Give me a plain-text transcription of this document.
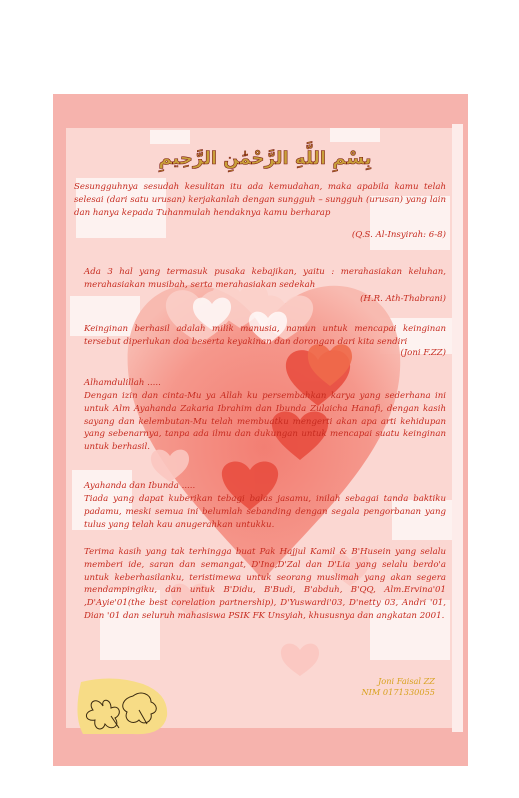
بِسْمِ اللَّهِ الرَّحْمَٰنِ الرَّحِيمِ

Sesungguhnya sesudah kesulitan itu ada kemudahan, maka apabila kamu telah selesai (dari satu urusan) kerjakanlah dengan sungguh – sungguh (urusan) yang lain dan hanya kepada Tuhanmulah hendaknya kamu berharap

(Q.S. Al-Insyirah: 6-8)

Ada 3 hal yang termasuk pusaka kebajikan, yaitu : merahasiakan keluhan, merahasiakan musibah, serta merahasiakan sedekah

(H.R. Ath-Thabrani)

Keinginan berhasil adalah milik manusia, namun untuk mencapai keinginan tersebut diperlukan doa beserta keyakinan dan dorongan dari kita sendiri

(Joni F.ZZ)

Alhamdulillah .....

Dengan izin dan cinta-Mu ya Allah ku persembahkan karya yang sederhana ini untuk Alm Ayahanda Zakaria Ibrahim dan Ibunda Zulaicha Hanafi, dengan kasih sayang dan kelembutan-Mu telah membuatku mengerti akan apa arti kehidupan yang sebenarnya, tanpa ada ilmu dan dukungan untuk mencapai suatu keinginan untuk berhasil.

Ayahanda dan Ibunda .....

Tiada yang dapat kuberikan tebagi balas jasamu, inilah sebagai tanda baktiku padamu, meski semua ini belumlah sebanding dengan segala pengorbanan yang tulus yang telah kau anugerahkan untukku.

Terima kasih yang tak terhingga buat Pak Hajjul Kamil & B'Husein yang selalu memberi ide, saran dan semangat, D'Ina,D'Zal dan D'Lia yang selalu berdo'a untuk keberhasilanku, teristimewa untuk seorang muslimah yang akan segera mendampingiku, dan untuk B'Didu, B'Budi, B'abduh, B'QQ, Alm.Ervina'01 ,D'Ayie'01(the best corelation partnership), D'Yuswardi'03, D'netty 03, Andri '01, Dian '01 dan seluruh mahasiswa PSIK FK Unsyiah, khususnya dan angkatan 2001.

Joni Faisal ZZ
NIM 0171330055
